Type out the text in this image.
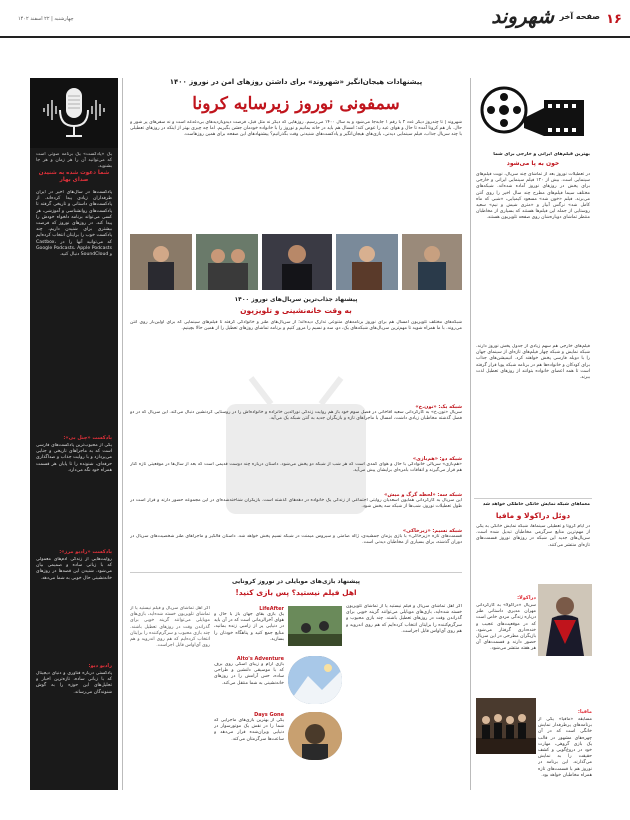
۱۶
صفحه آخر
شهروند
چهارشنبه | ۲۲ اسفند ۱۴۰۲
یک «پادکست» یک برنامه صوتی است که می‌توانید آن را هر زمان و هر جا بشنوید.
شما دعوت شده به شنیدن صدای بهار
پادکست‌ها در سال‌های اخیر در ایران طرفداران زیادی پیدا کرده‌اند. از پادکست‌های داستانی و تاریخی گرفته تا پادکست‌های روانشناسی و آموزشی، هر کسی می‌تواند برنامه دلخواه خودش را پیدا کند. در روزهای نوروز که فرصت بیشتری برای شنیدن داریم، چند پادکست خوب را برایتان انتخاب کرده‌ایم که می‌توانید آنها را در Castbox، Google Podcasts، Apple Podcasts و SoundCloud دنبال کنید.
پادکست «چنل بی»:
یکی از محبوب‌ترین پادکست‌های فارسی است که به ماجراهای تاریخی و جنایی می‌پردازد و با روایت جذاب و صداگذاری حرفه‌ای، شنونده را تا پایان هر قسمت همراه خود نگه می‌دارد.
پادکست «رادیو مرز»:
روایت‌هایی از زندگی آدم‌های معمولی که با زبانی ساده و صمیمی بیان می‌شود. شنیدن این قصه‌ها در روزهای خانه‌نشینی حال خوبی به شما می‌دهد.
رادیو دیو:
پادکستی درباره فناوری و دنیای دیجیتال که با زبانی ساده، تازه‌ترین اخبار و تحلیل‌های این حوزه را به گوش شنوندگان می‌رساند.
بهترین فیلم‌های ایرانی و خارجی برای شما
خون به پا می‌شود
در تعطیلات نوروز بعد از تماشای چند سریال، نوبت فیلم‌های سینمایی است. بیش از ۱۲۰ فیلم سینمایی ایرانی و خارجی برای پخش در روزهای نوروز آماده شده‌اند. شبکه‌های مختلف سیما فیلم‌های مطرح چند سال اخیر را روی آنتن می‌برند. فیلم «خون شد» مسعود کیمیایی، «شبی که ماه کامل شد» نرگس آبیار و «متری شیش و نیم» سعید روستایی از جمله این فیلم‌ها هستند که بسیاری از مخاطبان منتظر تماشای دوباره‌شان روی صفحه تلویزیون هستند.
فیلم‌های خارجی هم سهم زیادی از جدول پخش نوروز دارند. شبکه نمایش و شبکه چهار فیلم‌های تازه‌ای از سینمای جهان را با دوبله فارسی پخش خواهند کرد. انیمیشن‌های جذاب برای کودکان و خانواده‌ها هم در برنامه شبکه پویا قرار گرفته است تا همه اعضای خانواده بتوانند از روزهای تعطیل لذت ببرند.
معماهای شبکه نمایش خانگی خاطکی خواهد شد
دوئل دراکولا و مافیا
در ایام کرونا و تعطیلی سینماها، شبکه نمایش خانگی به یکی از مهم‌ترین منابع سرگرمی مخاطبان تبدیل شده است. سریال‌های جدید این شبکه در روزهای نوروز قسمت‌های تازه‌ای منتشر می‌کنند.
دراکولا:
سریال «دراکولا» به کارگردانی مهران مدیری داستانی طنز درباره زندگی مردی خاص است که در موقعیت‌های عجیب و خنده‌داری گرفتار می‌شود. بازیگران مطرحی در این سریال حضور دارند و قسمت‌های آن هر هفته منتشر می‌شود.
مافیا:
مسابقه «مافیا» یکی از برنامه‌های پرطرفدار نمایش خانگی است که در آن چهره‌های مشهور در قالب یک بازی گروهی، مهارت خود در دروغ‌گویی و کشف حقیقت را به نمایش می‌گذارند. این برنامه در نوروز هم با قسمت‌های تازه همراه مخاطبان خواهد بود.
پیشنهادات هیجان‌انگیز «شهروند» برای داشتن روزهای امن در نوروز ۱۴۰۰
سمفونی نوروز زیرسایه کرونا
شهروند | تا چندروز دیگر عدد ۲ با رقم ۱ جابه‌جا می‌شود و به سال ۱۴۰۰ می‌رسیم. روزهایی که دیگر نه مثل قبل، فرصت دیدوبازدیدهای بی‌دغدغه است و نه سفرهای پر شور و حال. باز هم کرونا آمده تا حال و هوای عید را عوض کند؛ امسال هم باید در خانه بمانیم و نوروز را با خانواده خودمان جشن بگیریم. اما چه چیزی بهتر از اینکه در روزهای تعطیلی با چند سریال جذاب، فیلم سینمایی دیدنی، بازی‌های هیجان‌انگیز و پادکست‌های شنیدنی وقت بگذرانیم؟ پیشنهادهای این صفحه برای همین روزهاست.
پیشنهاد جذاب‌ترین سریال‌های نوروز ۱۴۰۰
به وقت خانه‌نشینی و تلویزیون
شبکه‌های مختلف تلویزیون امسال هم برای نوروز برنامه‌های متنوعی تدارک دیده‌اند؛ از سریال‌های طنز و خانوادگی گرفته تا فیلم‌های سینمایی که برای اولین‌بار روی آنتن می‌روند. با ما همراه شوید تا مهم‌ترین سریال‌های شبکه‌های یک، دو، سه و نسیم را مرور کنیم و برنامه تماشای روزهای تعطیل را از همین حالا بچینیم.
شبکه یک: «نون.خ»
سریال «نون.خ» به کارگردانی سعید آقاخانی در فصل سوم خود باز هم روایت زندگی نورالدین خانزاده و خانواده‌اش را در روستایی کردنشین دنبال می‌کند. این سریال که در دو فصل گذشته مخاطبان زیادی داشت، امسال با ماجراهای تازه و بازیگران جدید به آنتن شبکه یک می‌آید.
شبکه دو: «هم‌بازی»
«هم‌بازی» سریالی خانوادگی با حال و هوای کمدی است که هر شب از شبکه دو پخش می‌شود. داستان درباره چند دوست قدیمی است که بعد از سال‌ها در موقعیتی تازه کنار هم قرار می‌گیرند و اتفاقات بامزه‌ای برایشان پیش می‌آید.
شبکه سه: «لحظه گرگ و میش»
این سریال به کارگردانی همایون اسعدیان روایتی اجتماعی از زندگی یک خانواده در دهه‌های گذشته است. بازیگران شناخته‌شده‌ای در این مجموعه حضور دارند و قرار است در طول تعطیلات نوروز، شب‌ها از شبکه سه پخش شود.
شبکه نسیم: «زیرخاکی»
قسمت‌های تازه «زیرخاکی» با بازی پژمان جمشیدی، ژاله صامتی و سیروس میمنت در شبکه نسیم پخش خواهد شد. داستان فالگیر و ماجراهای طنز شخصیت‌های سریال در دوران گذشته، برای بسیاری از مخاطبان دیدنی است.
پیشنهاد بازی‌های موبایلی در نوروز کرونایی
اهل فیلم نیستید؟ پس بازی کنید!
اگر اهل تماشای سریال و فیلم نیستید یا از تماشای تلویزیون خسته شده‌اید، بازی‌های موبایلی می‌توانند گزینه خوبی برای گذراندن وقت در روزهای تعطیل باشند. چند بازی محبوب و سرگرم‌کننده را برایتان انتخاب کرده‌ایم که هم روی اندروید و هم روی آی‌او‌اس قابل اجراست.
LifeAfter
یک بازی بقای جهان باز با حال و هوای آخرالزمانی است که در آن باید در دنیایی پر از زامبی زنده بمانید، منابع جمع کنید و پناهگاه خودتان را بسازید.
Alto's Adventure
بازی آرام و زیبای اسکی روی برف که با موسیقی دلنشین و طراحی ساده، حس آرامش را در روزهای خانه‌نشینی به شما منتقل می‌کند.
Days Gone
یکی از بهترین بازی‌های ماجرایی که شما را در نقش یک موتورسوار در دنیایی ویران‌شده قرار می‌دهد و ساعت‌ها سرگرمتان می‌کند.
اگر اهل تماشای سریال و فیلم نیستید یا از تماشای تلویزیون خسته شده‌اید، بازی‌های موبایلی می‌توانند گزینه خوبی برای گذراندن وقت در روزهای تعطیل باشند. چند بازی محبوب و سرگرم‌کننده را برایتان انتخاب کرده‌ایم که هم روی اندروید و هم روی آی‌او‌اس قابل اجراست.
